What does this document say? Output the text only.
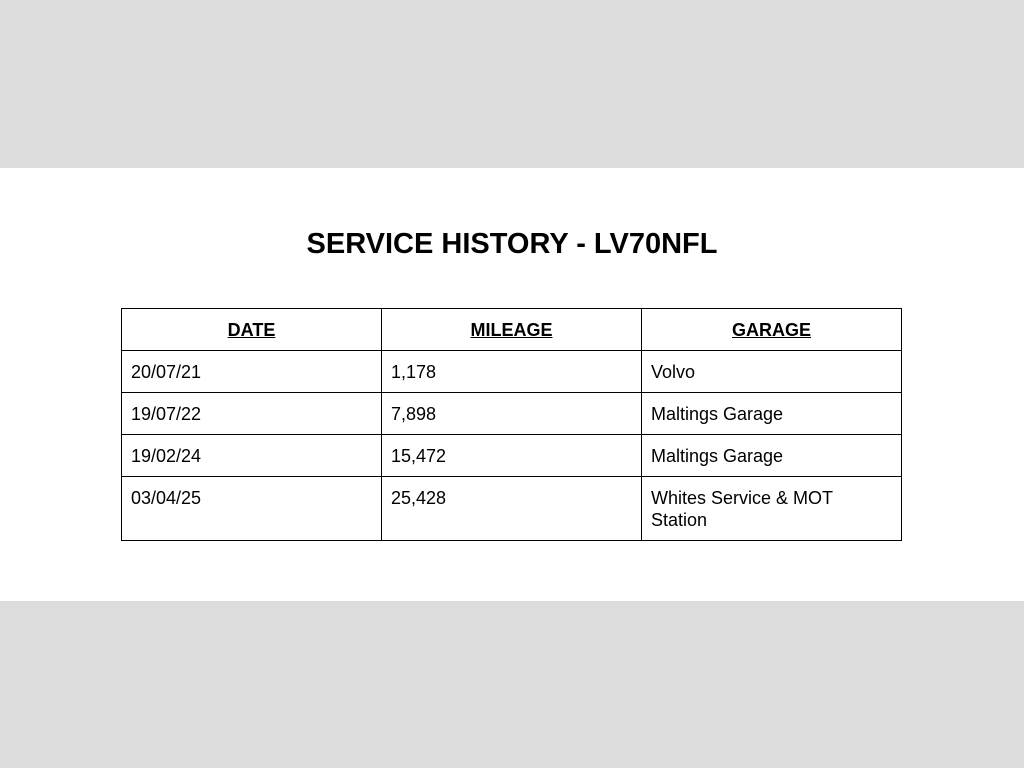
SERVICE HISTORY - LV70NFL
DATE	MILEAGE	GARAGE
20/07/21	1,178	Volvo
19/07/22	7,898	Maltings Garage
19/02/24	15,472	Maltings Garage
03/04/25	25,428	Whites Service & MOT Station
